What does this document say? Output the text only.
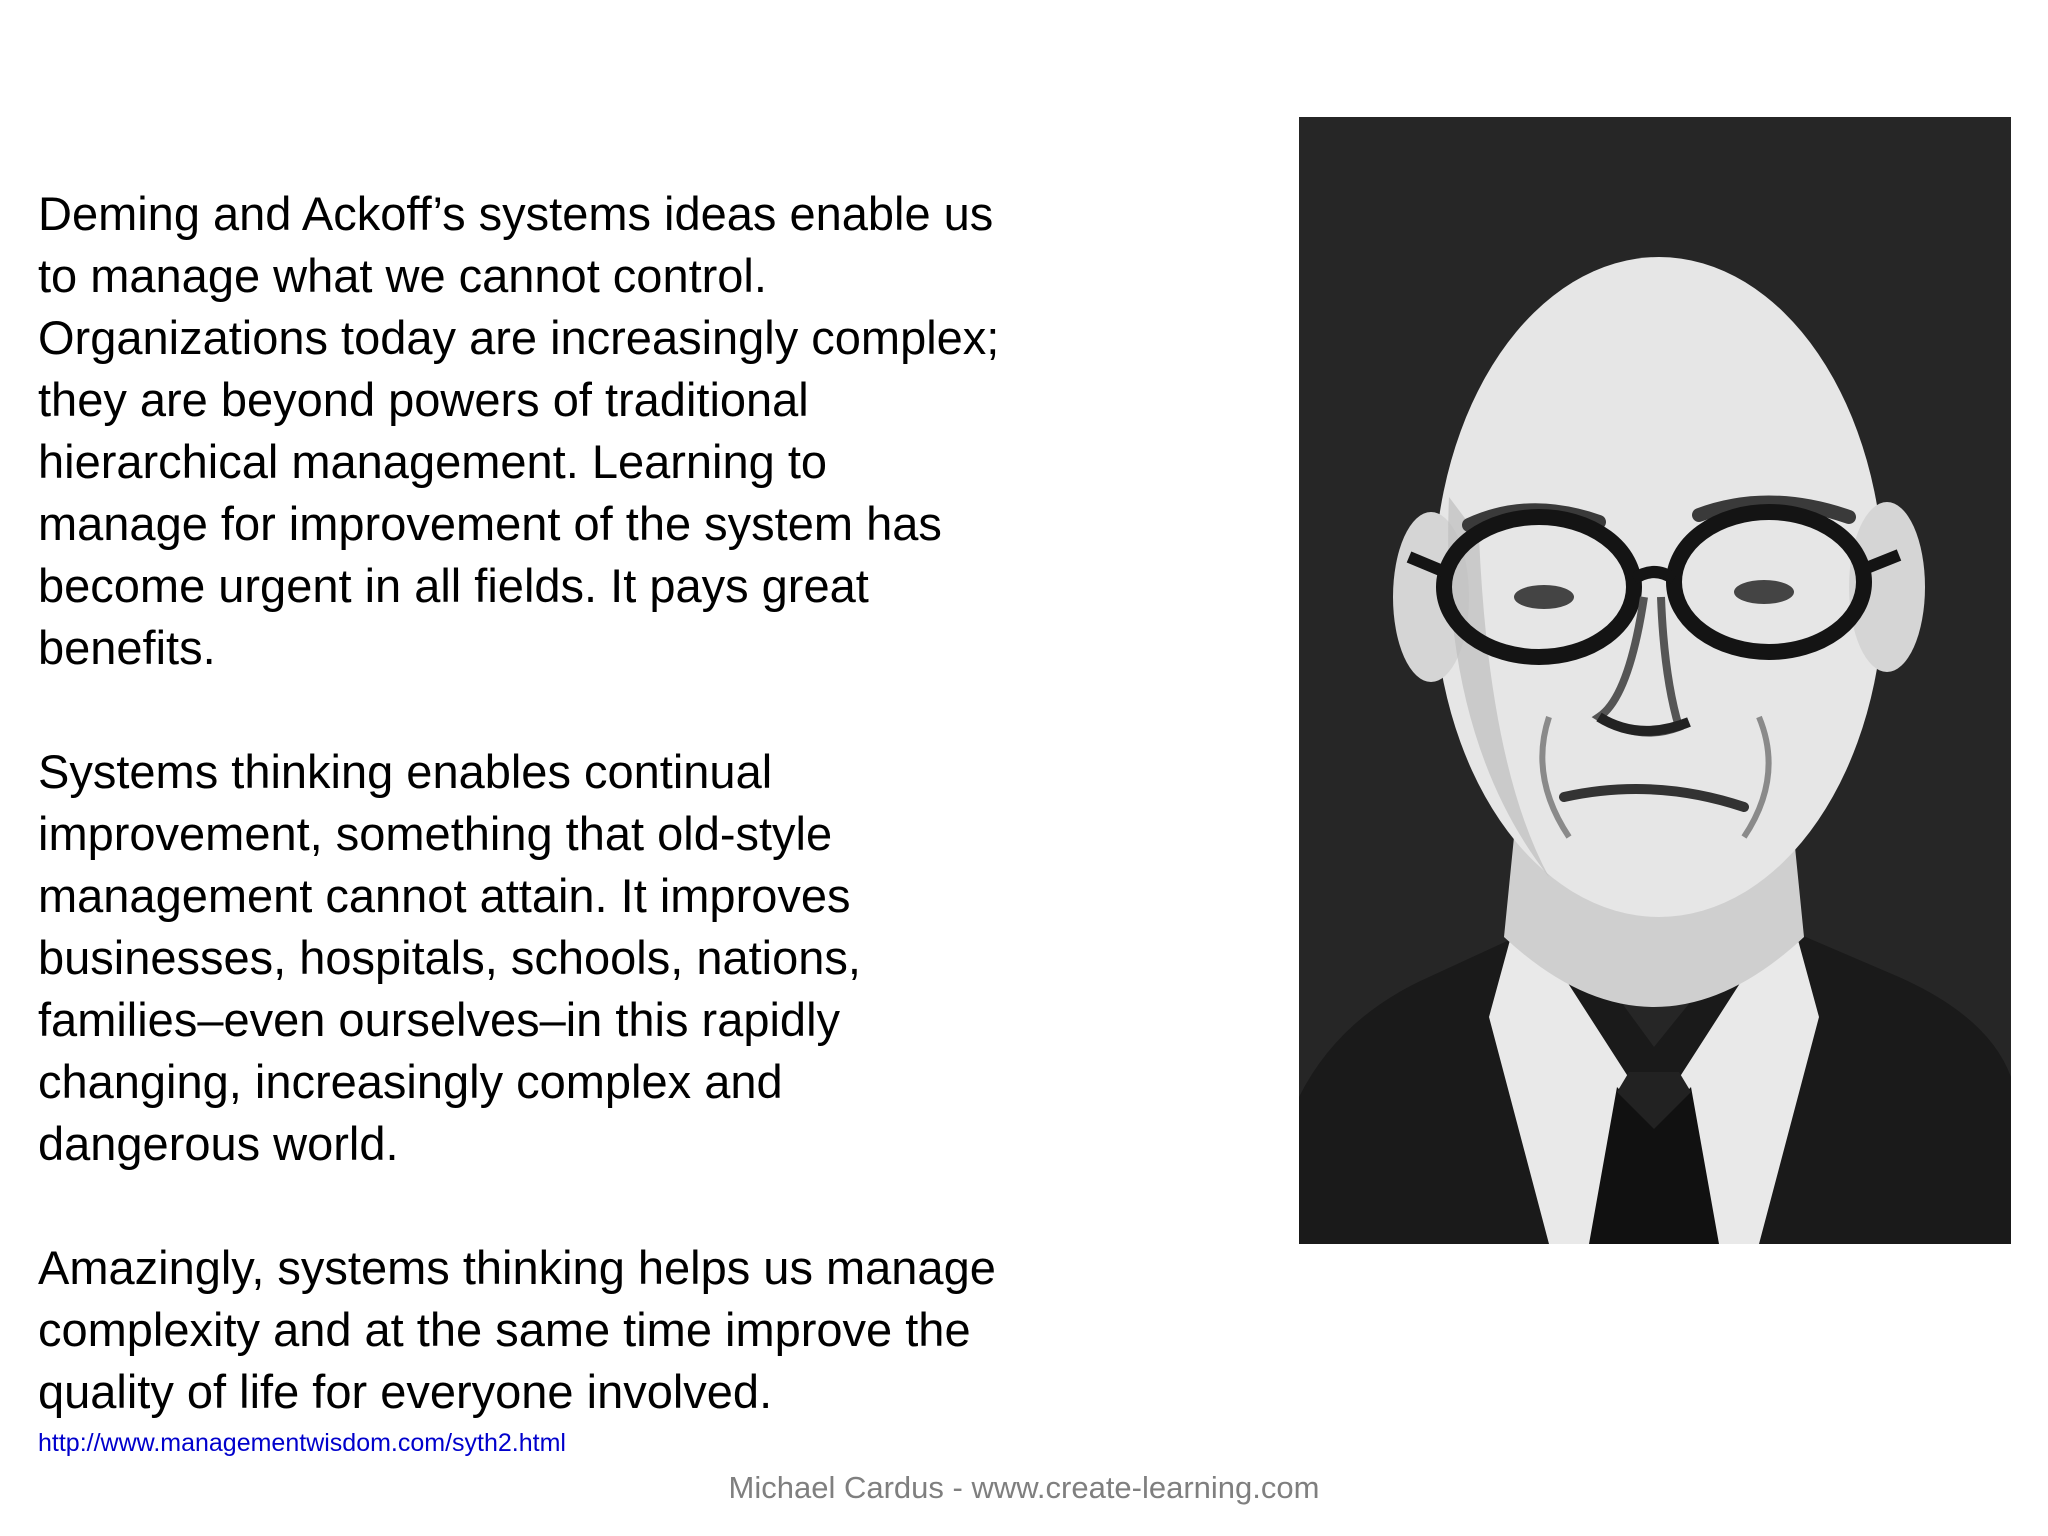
Deming and Ackoff’s systems ideas enable us
to manage what we cannot control.
Organizations today are increasingly complex;
they are beyond powers of traditional
hierarchical management. Learning to
manage for improvement of the system has
become urgent in all fields. It pays great
benefits.

Systems thinking enables continual
improvement, something that old-style
management cannot attain. It improves
businesses, hospitals, schools, nations,
families–even ourselves–in this rapidly
changing, increasingly complex and
dangerous world.

Amazingly, systems thinking helps us manage
complexity and at the same time improve the
quality of life for everyone involved.

http://www.managementwisdom.com/syth2.html
Michael Cardus - www.create-learning.com
